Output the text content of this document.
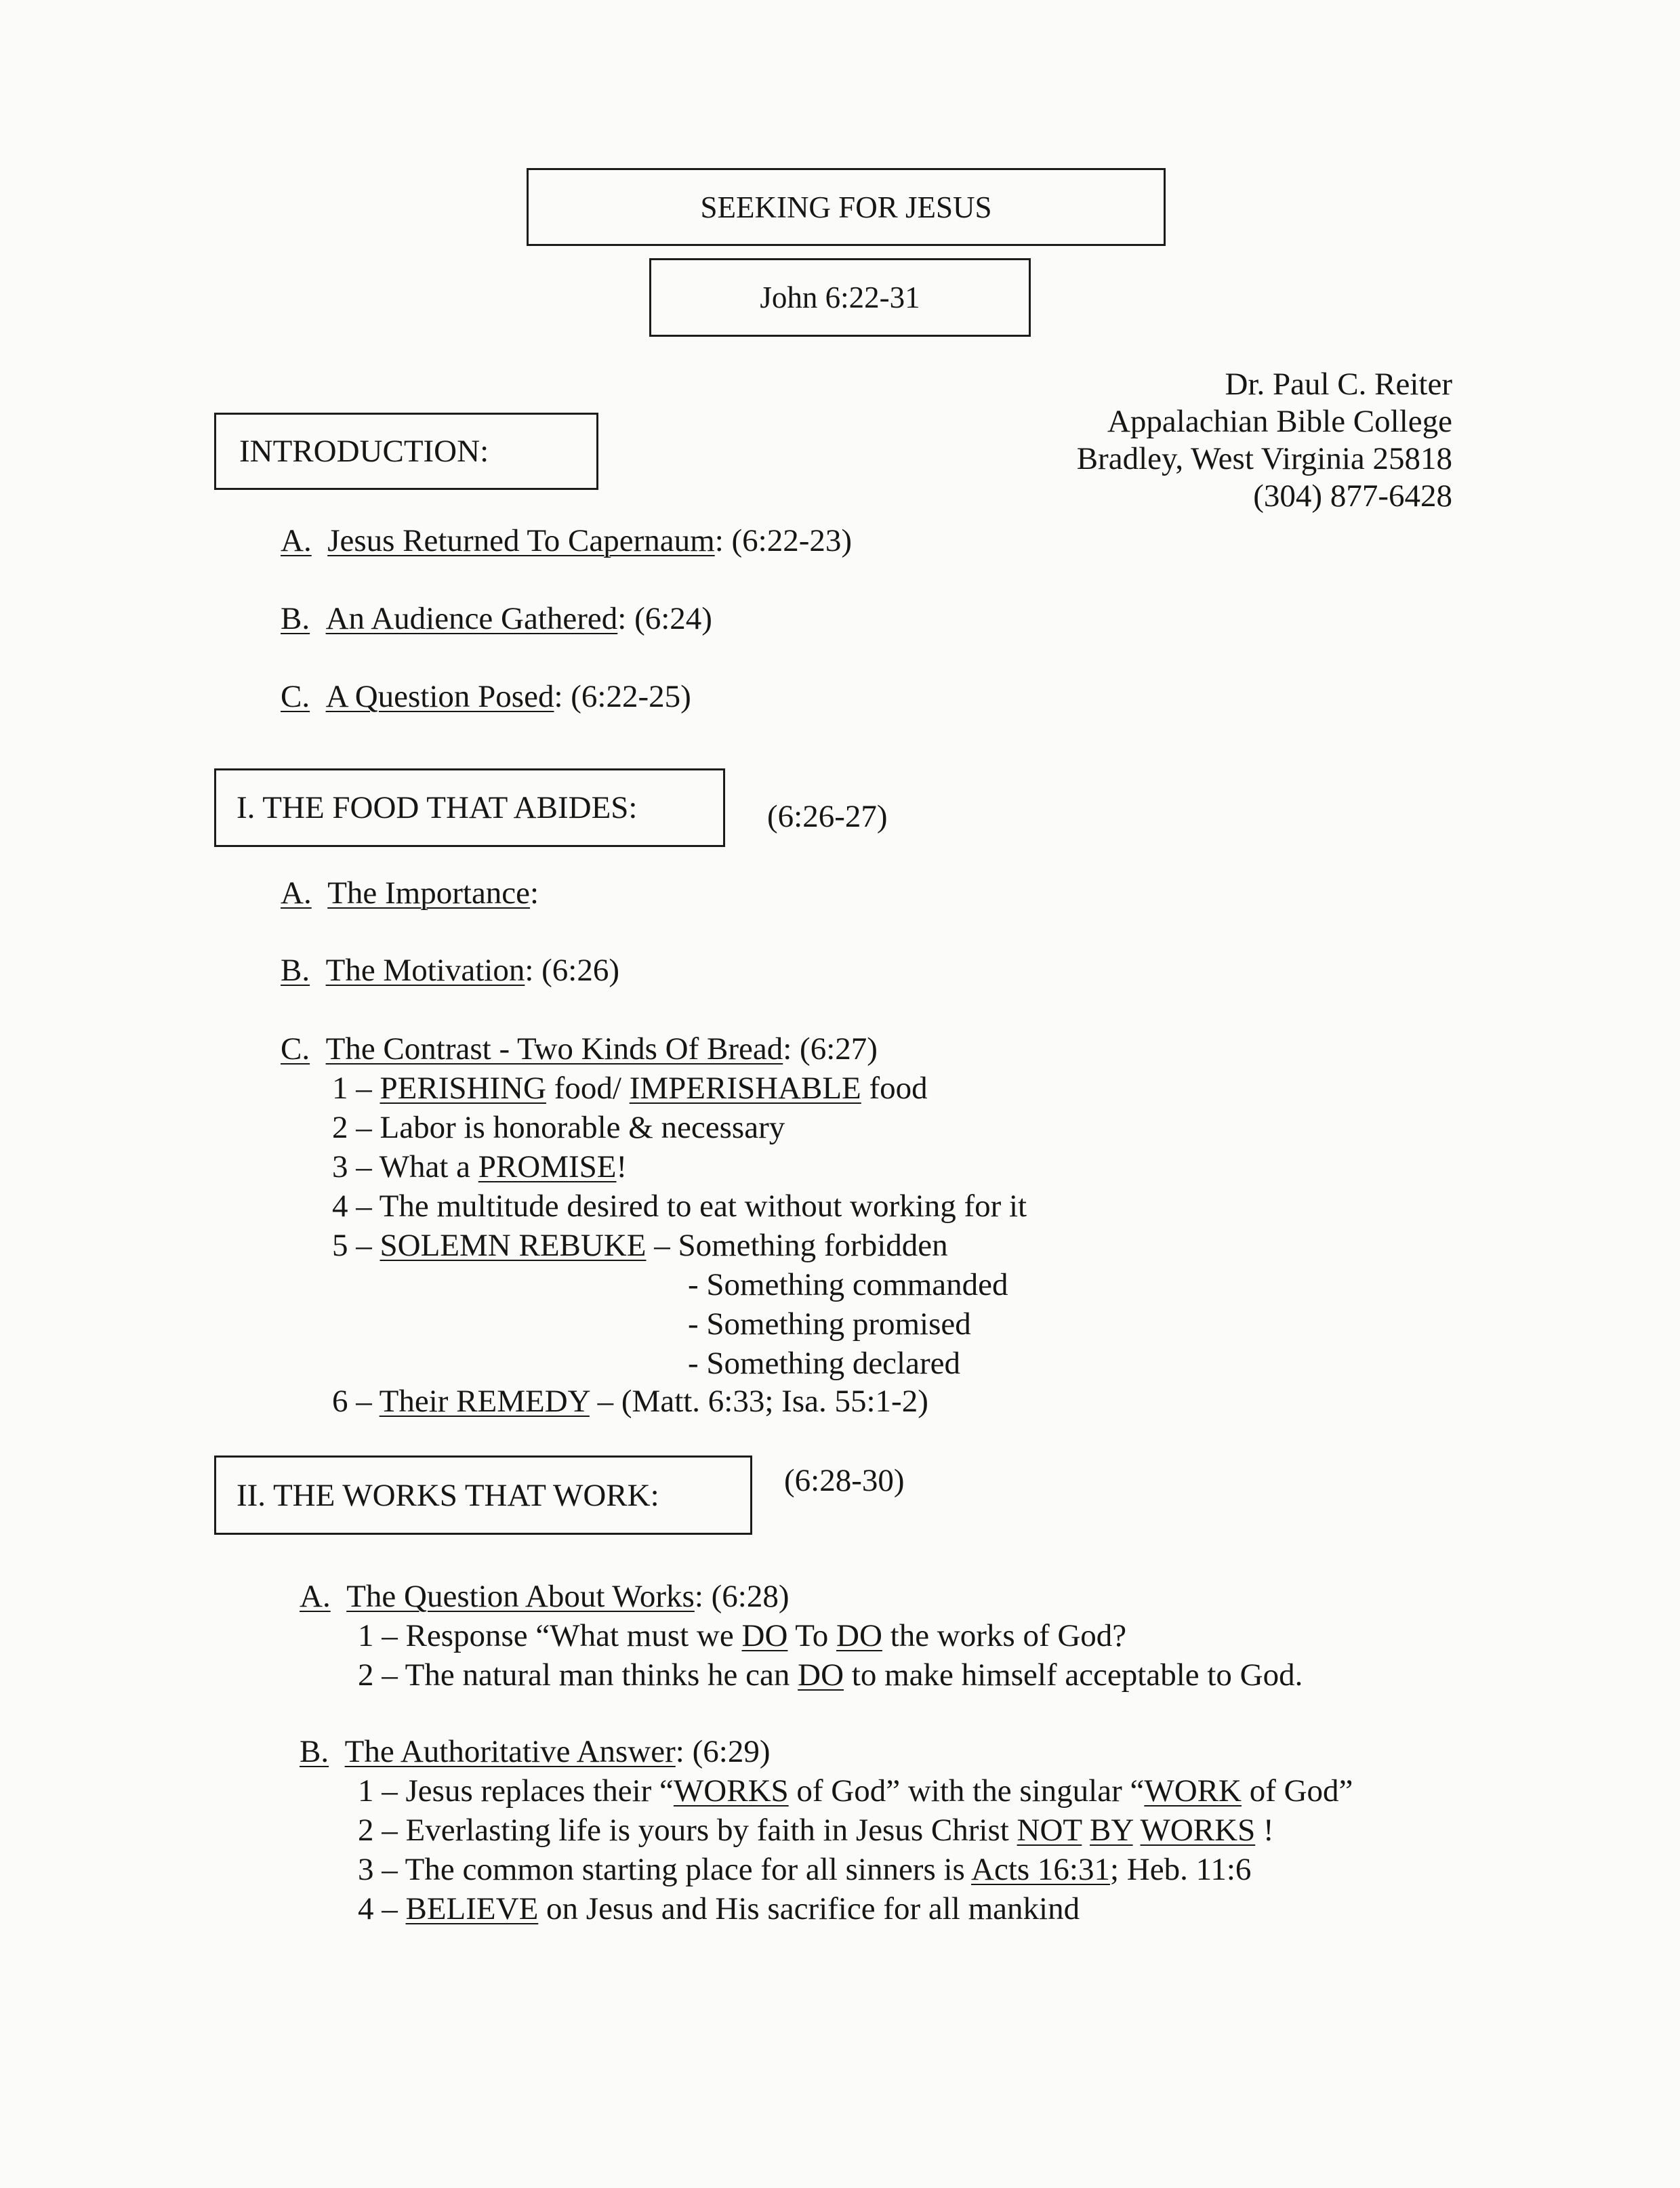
SEEKING FOR JESUS
John 6:22-31
Dr. Paul C. Reiter
Appalachian Bible College
Bradley, West Virginia 25818
(304) 877-6428
INTRODUCTION:
A. Jesus Returned To Capernaum: (6:22-23)
B. An Audience Gathered: (6:24)
C. A Question Posed: (6:22-25)
I. THE FOOD THAT ABIDES:	(6:26-27)
A. The Importance:
B. The Motivation: (6:26)
C. The Contrast - Two Kinds Of Bread: (6:27)
1 – PERISHING food/ IMPERISHABLE food
2 – Labor is honorable & necessary
3 – What a PROMISE!
4 – The multitude desired to eat without working for it
5 – SOLEMN REBUKE – Something forbidden
- Something commanded
- Something promised
- Something declared
6 – Their REMEDY – (Matt. 6:33; Isa. 55:1-2)
II. THE WORKS THAT WORK:	(6:28-30)
A. The Question About Works: (6:28)
1 – Response “What must we DO To DO the works of God?
2 – The natural man thinks he can DO to make himself acceptable to God.
B. The Authoritative Answer: (6:29)
1 – Jesus replaces their “WORKS of God” with the singular “WORK of God”
2 – Everlasting life is yours by faith in Jesus Christ NOT BY WORKS !
3 – The common starting place for all sinners is Acts 16:31; Heb. 11:6
4 – BELIEVE on Jesus and His sacrifice for all mankind
